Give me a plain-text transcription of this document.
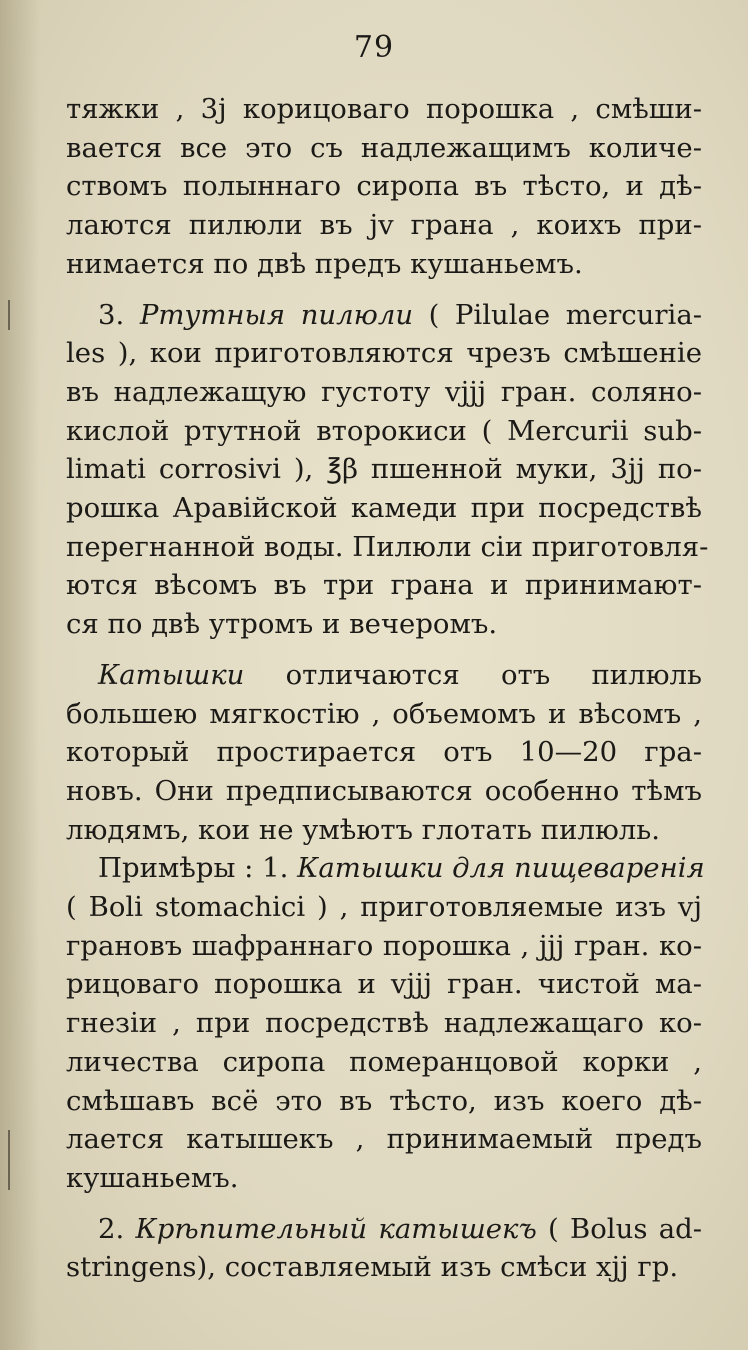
79

тяжки , 3j корицоваго порошка , смѣши-
вается все это съ надлежащимъ количе-
ствомъ полыннаго сиропа въ тѣсто, и дѣ-
лаются пилюли въ jv грана , коихъ при-
нимается по двѣ предъ кушаньемъ.

3. Ртутныя пилюли ( Pilulae mercuria-
les ), кои приготовляются чрезъ смѣшеніе
въ надлежащую густоту vjjj гран. соляно-
кислой ртутной второкиси ( Mercurii sub-
limati corrosivi ), ℥β пшенной муки, 3jj по-
рошка Аравійской камеди при посредствѣ
перегнанной воды. Пилюли сіи приготовля-
ются вѣсомъ въ три грана и принимают-
ся по двѣ утромъ и вечеромъ.

Катышки отличаются отъ пилюль
большею мягкостію , объемомъ и вѣсомъ ,
который простирается отъ 10—20 гра-
новъ. Они предписываются особенно тѣмъ
людямъ, кои не умѣютъ глотать пилюль.

Примѣры : 1. Катышки для пищеваренія
( Boli stomachici ) , приготовляемые изъ vj
грановъ шафраннаго порошка , jjj гран. ко-
рицоваго порошка и vjjj гран. чистой ма-
гнезіи , при посредствѣ надлежащаго ко-
личества сиропа померанцовой корки ,
смѣшавъ всё это въ тѣсто, изъ коего дѣ-
лается катышекъ , принимаемый предъ
кушаньемъ.

2. Крѣпительный катышекъ ( Bolus ad-
stringens), составляемый изъ смѣси xjj гр.
